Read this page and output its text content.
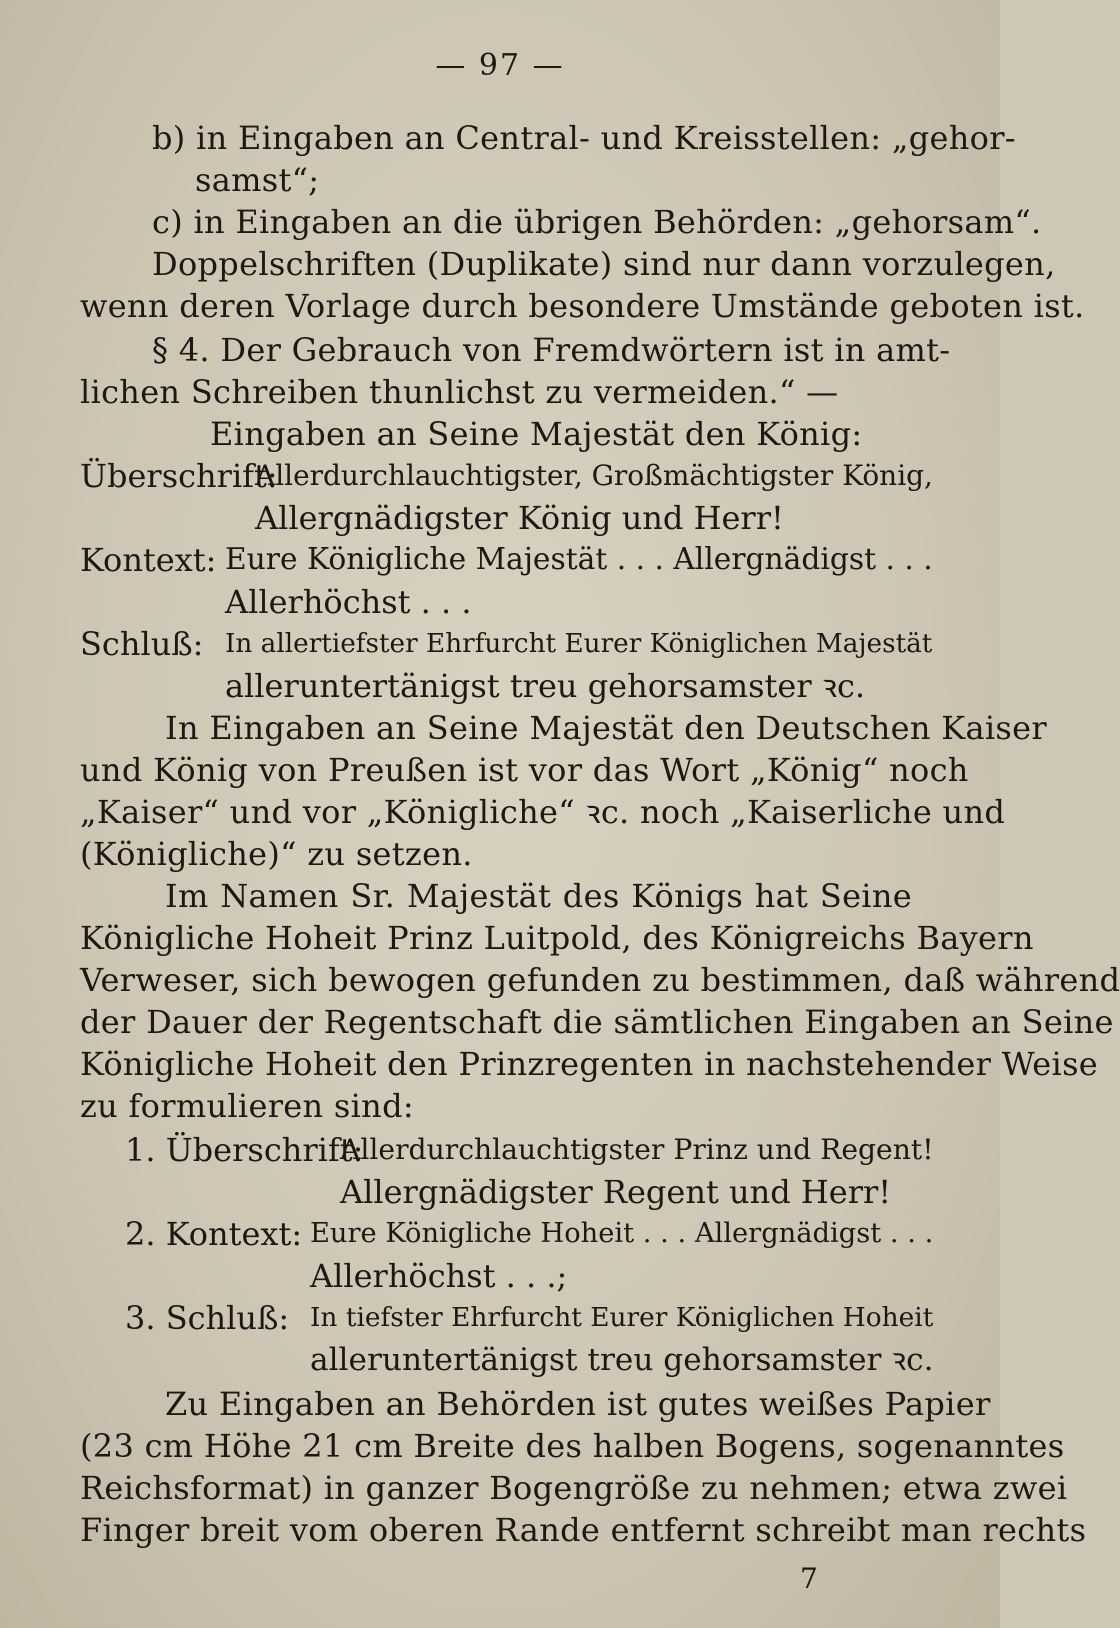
— 97 —
b) in Eingaben an Central- und Kreisstellen: „gehor-
samst“;
c) in Eingaben an die übrigen Behörden: „gehorsam“.
Doppelschriften (Duplikate) sind nur dann vorzulegen,
wenn deren Vorlage durch besondere Umstände geboten ist.
§ 4. Der Gebrauch von Fremdwörtern ist in amt-
lichen Schreiben thunlichst zu vermeiden.“ —
Eingaben an Seine Majestät den König:
Überschrift:
Allerdurchlauchtigster, Großmächtigster König,
Allergnädigster König und Herr!
Kontext: Eure Königliche Majestät . . . Allergnädigst . . .
Allerhöchst . . .
Schluß: In allertiefster Ehrfurcht Eurer Königlichen Majestät
alleruntertänigst treu gehorsamster ꝛc.
In Eingaben an Seine Majestät den Deutschen Kaiser
und König von Preußen ist vor das Wort „König“ noch
„Kaiser“ und vor „Königliche“ ꝛc. noch „Kaiserliche und
(Königliche)“ zu setzen.
Im Namen Sr. Majestät des Königs hat Seine
Königliche Hoheit Prinz Luitpold, des Königreichs Bayern
Verweser, sich bewogen gefunden zu bestimmen, daß während
der Dauer der Regentschaft die sämtlichen Eingaben an Seine
Königliche Hoheit den Prinzregenten in nachstehender Weise
zu formulieren sind:
1. Überschrift:
Allerdurchlauchtigster Prinz und Regent!
Allergnädigster Regent und Herr!
2. Kontext: Eure Königliche Hoheit . . . Allergnädigst . . .
Allerhöchst . . .;
3. Schluß: In tiefster Ehrfurcht Eurer Königlichen Hoheit
alleruntertänigst treu gehorsamster ꝛc.
Zu Eingaben an Behörden ist gutes weißes Papier
(23 cm Höhe 21 cm Breite des halben Bogens, sogenanntes
Reichsformat) in ganzer Bogengröße zu nehmen; etwa zwei
Finger breit vom oberen Rande entfernt schreibt man rechts
7
